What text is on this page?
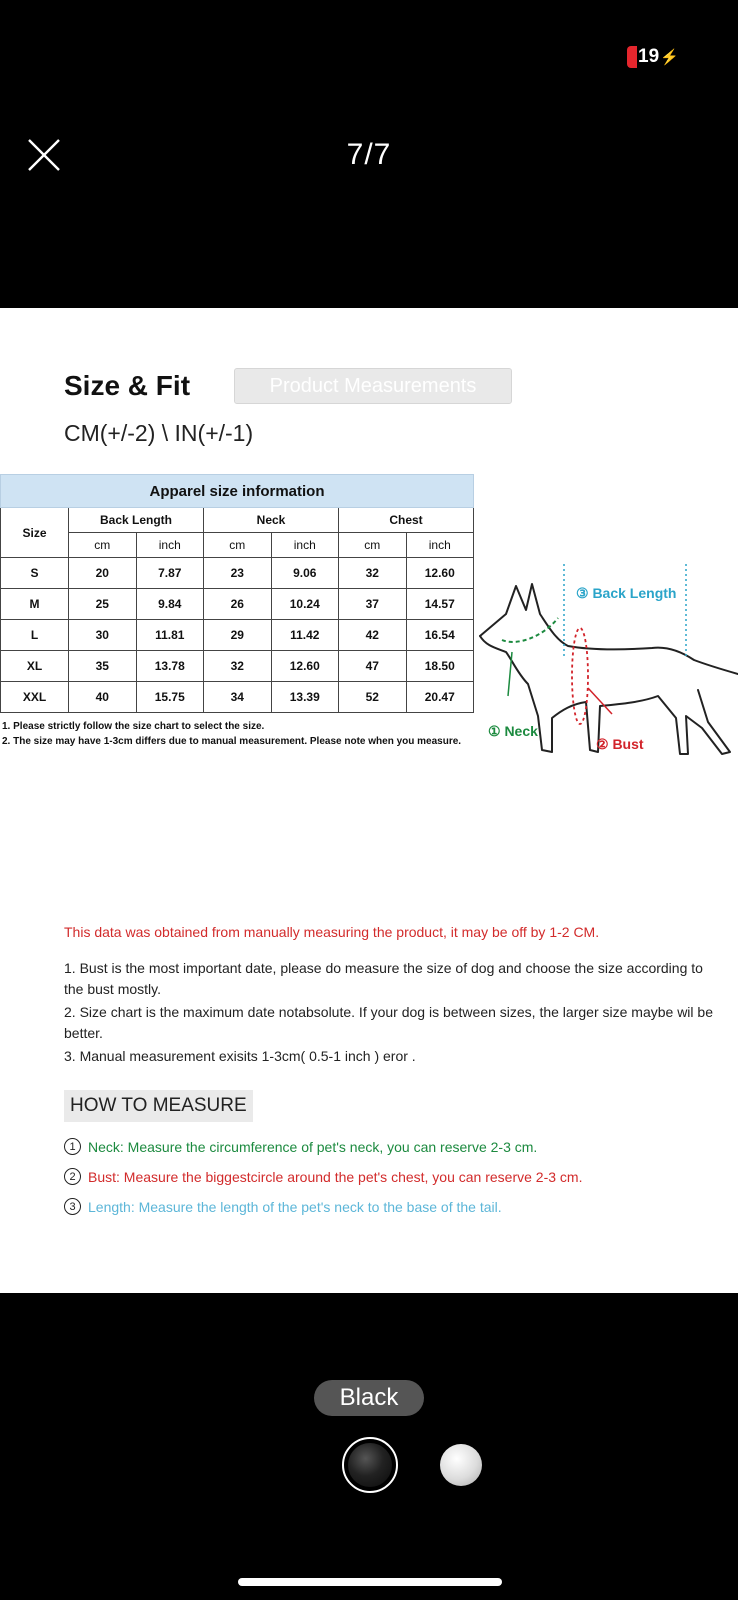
19 ⚡
7/7
Size & Fit	Product Measurements
CM(+/-2) \ IN(+/-1)
Apparel size information						
Size	Back Length		Neck		Chest	
	cm	inch	cm	inch	cm	inch
S	20	7.87	23	9.06	32	12.60
M	25	9.84	26	10.24	37	14.57
L	30	11.81	29	11.42	42	16.54
XL	35	13.78	32	12.60	47	18.50
XXL	40	15.75	34	13.39	52	20.47
1. Please strictly follow the size chart to select the size.
2. The size may have 1-3cm differs due to manual measurement. Please note when you measure.
③ Back Length
① Neck
② Bust
This data was obtained from manually measuring the product, it may be off by 1-2 CM.
1. Bust is the most important date, please do measure the size of dog and choose the size according to the bust mostly.
2. Size chart is the maximum date notabsolute. If your dog is between sizes, the larger size maybe wil be better.
3. Manual measurement exisits 1-3cm( 0.5-1 inch ) eror .
HOW TO MEASURE
1 Neck: Measure the circumference of pet's neck, you can reserve 2-3 cm.
2 Bust: Measure the biggestcircle around the pet's chest, you can reserve 2-3 cm.
3 Length: Measure the length of the pet's neck to the base of the tail.
Black
